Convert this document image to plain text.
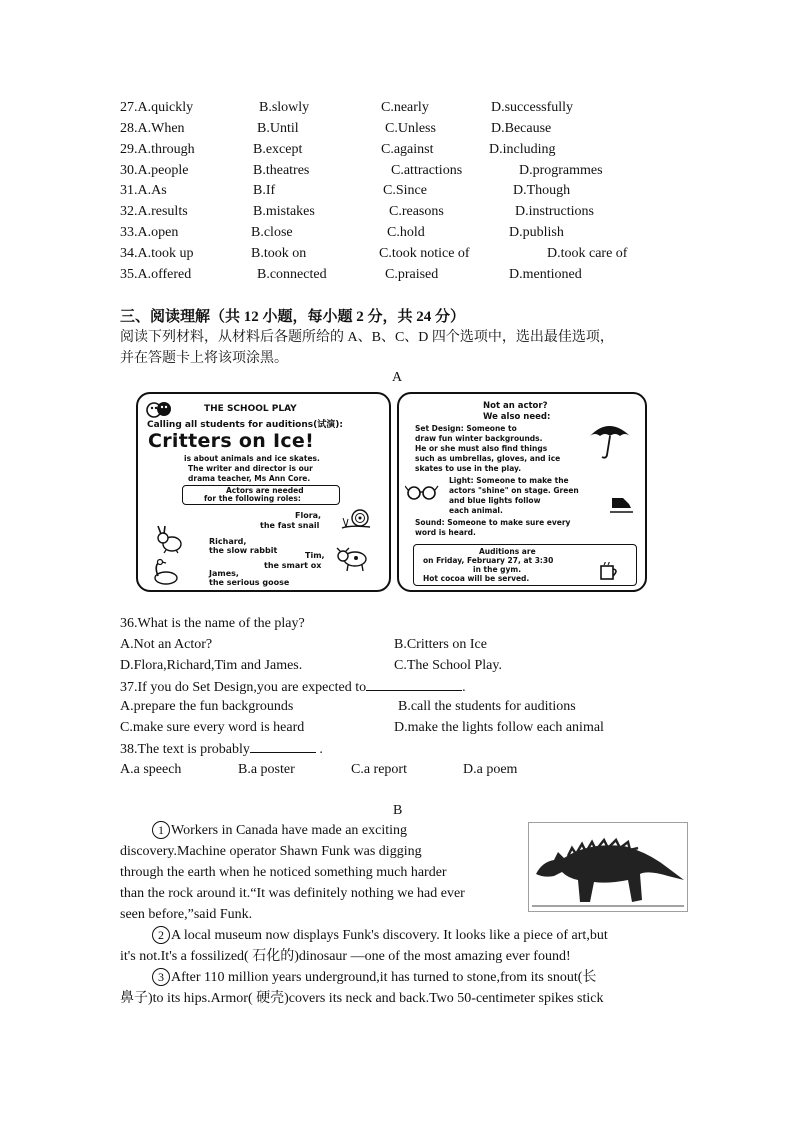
27.A.quickly	B.slowly	C.nearly	D.successfully
28.A.When	B.Until	C.Unless	D.Because
29.A.through	B.except	C.against	D.including
30.A.people	B.theatres	C.attractions	D.programmes
31.A.As	B.If	C.Since	D.Though
32.A.results	B.mistakes	C.reasons	D.instructions
33.A.open	B.close	C.hold	D.publish
34.A.took up	B.took on	C.took notice of	D.took care of
35.A.offered	B.connected	C.praised	D.mentioned
三、阅读理解（共 12 小题，每小题 2 分，共 24 分）
阅读下列材料，从材料后各题所给的 A、B、C、D 四个选项中，选出最佳选项，
并在答题卡上将该项涂黑。
A
THE SCHOOL PLAY
Calling all students for auditions(试演):
Critters on Ice!
is about animals and ice skates.
The writer and director is our
drama teacher, Ms Ann Core.
Actors are needed
for the following roles:
Flora,
the fast snail
Richard,
the slow rabbit
Tim,
the smart ox
James,
the serious goose
Not an actor?
We also need:
Set Design: Someone to
draw fun winter backgrounds.
He or she must also find things
such as umbrellas, gloves, and ice
skates to use in the play.
Light: Someone to make the
actors "shine" on stage. Green
and blue lights follow
each animal.
Sound: Someone to make sure every
word is heard.
Auditions are
on Friday, February 27, at 3:30
in the gym.
Hot cocoa will be served.
36.What is the name of the play?
A.Not an Actor?	B.Critters on Ice
D.Flora,Richard,Tim and James.	C.The School Play.
37.If you do Set Design,you are expected to	.
A.prepare the fun backgrounds	B.call the students for auditions
C.make sure every word is heard	D.make the lights follow each animal
38.The text is probably	.
A.a speech	B.a poster	C.a report	D.a poem
B
1 Workers in Canada have made an exciting
discovery.Machine operator Shawn Funk was digging
through the earth when he noticed something much harder
than the rock around it.“It was definitely nothing we had ever
seen before,”said Funk.
2 A local museum now displays Funk's discovery. It looks like a piece of art,but
it's not.It's a fossilized( 石化的)dinosaur —one of the most amazing ever found!
3 After 110 million years underground,it has turned to stone,from its snout(长
鼻子)to its hips.Armor( 硬壳)covers its neck and back.Two 50-centimeter spikes stick
